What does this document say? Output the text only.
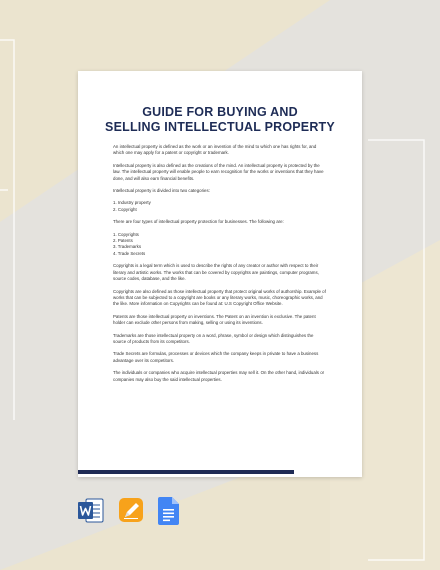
GUIDE FOR BUYING AND
SELLING INTELLECTUAL PROPERTY

An intellectual property is defined as the work or an invention of the mind to which one has rights for, and which one may apply for a patent or copyright or trademark.

Intellectual property is also defined as the creations of the mind. An intellectual property is protected by the law. The intellectual property will enable people to earn recognition for the works or inventions that they have done, and will also earn financial benefits.

Intellectual property is divided into two categories:

1. Industry property
2. Copyright

There are four types of intellectual property protection for businesses. The following are:

1. Copyrights
2. Patents
3. Trademarks
4. Trade Secrets

Copyrights is a legal term which is used to describe the rights of any creator or author with respect to their literary and artistic works. The works that can be covered by copyrights are paintings, computer programs, source codes, database, and the like.

Copyrights are also defined as those intellectual property that protect original works of authorship. Example of works that can be subjected to a copyright are books or any literary works, music, choreographic works, and the like. More information on Copyrights can be found at: U.S Copyright Office Website.

Patents are those intellectual property on inventions. The Patent on an invention is exclusive. The patent holder can exclude other persons from making, selling or using its inventions.

Trademarks are those intellectual property on a word, phrase, symbol or design which distinguishes the source of products from its competitors.

Trade Secrets are formulas, processes or devices which the company keeps in private to have a business advantage over its competitors.

The individuals or companies who acquire intellectual properties may sell it. On the other hand, individuals or companies may also buy the said intellectual properties.
